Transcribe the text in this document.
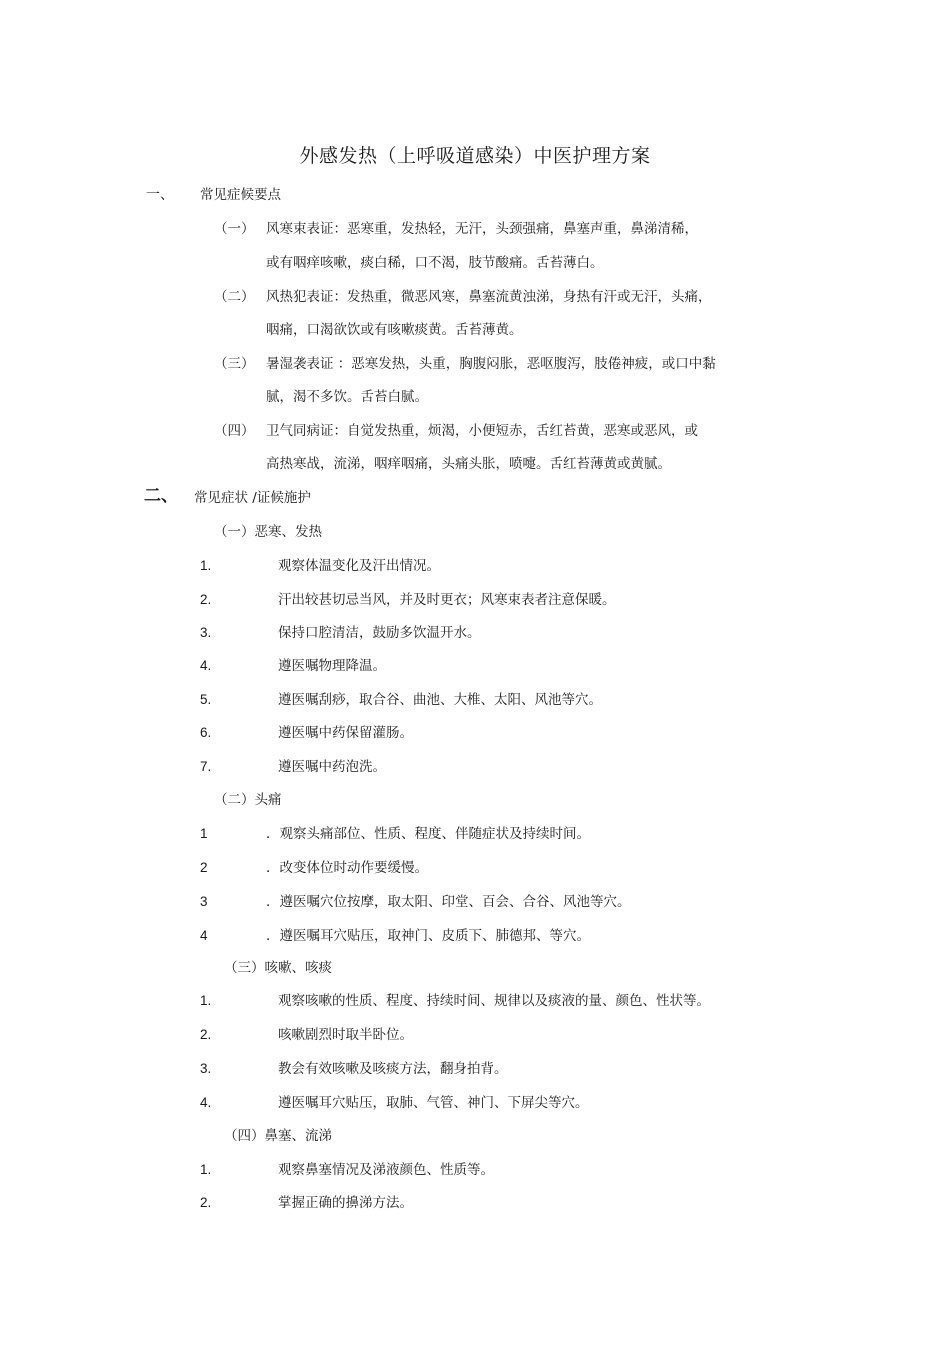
外感发热（上呼吸道感染）中医护理方案
一、 常见症候要点
（一） 风寒束表证：恶寒重，发热轻，无汗，头颈强痛，鼻塞声重，鼻涕清稀，
或有咽痒咳嗽，痰白稀，口不渴，肢节酸痛。舌苔薄白。
（二） 风热犯表证：发热重，微恶风寒，鼻塞流黄浊涕，身热有汗或无汗，头痛，
咽痛，口渴欲饮或有咳嗽痰黄。舌苔薄黄。
（三） 暑湿袭表证 ：恶寒发热，头重，胸腹闷胀，恶呕腹泻，肢倦神疲，或口中黏
腻，渴不多饮。舌苔白腻。
（四） 卫气同病证：自觉发热重，烦渴，小便短赤，舌红苔黄，恶寒或恶风，或
高热寒战，流涕，咽痒咽痛，头痛头胀，喷嚏。舌红苔薄黄或黄腻。
二、 常见症状 /证候施护
（一）恶寒、发热
1.	观察体温变化及汗出情况。
2.	汗出较甚切忌当风，并及时更衣；风寒束表者注意保暖。
3.	保持口腔清洁，鼓励多饮温开水。
4.	遵医嘱物理降温。
5.	遵医嘱刮痧，取合谷、曲池、大椎、太阳、风池等穴。
6.	遵医嘱中药保留灌肠。
7.	遵医嘱中药泡洗。
（二）头痛
1	．观察头痛部位、性质、程度、伴随症状及持续时间。
2	．改变体位时动作要缓慢。
3	．遵医嘱穴位按摩，取太阳、印堂、百会、合谷、风池等穴。
4	．遵医嘱耳穴贴压，取神门、皮质下、肺德邦、等穴。
（三）咳嗽、咳痰
1.	观察咳嗽的性质、程度、持续时间、规律以及痰液的量、颜色、性状等。
2.	咳嗽剧烈时取半卧位。
3.	教会有效咳嗽及咳痰方法，翻身拍背。
4.	遵医嘱耳穴贴压，取肺、气管、神门、下屏尖等穴。
（四）鼻塞、流涕
1.	观察鼻塞情况及涕液颜色、性质等。
2.	掌握正确的擤涕方法。
